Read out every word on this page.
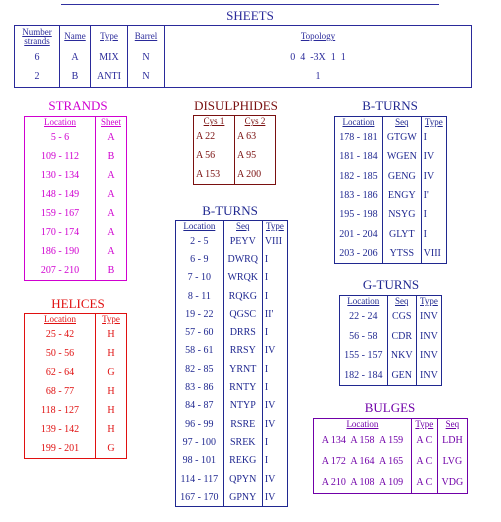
SHEETS
Number strands	Name	Type	Barrel	Topology
6	A	MIX	N	0  4  -3X  1  1
2	B	ANTI	N	1
STRANDS
Location	Sheet
5 - 6	A
109 - 112	B
130 - 134	A
148 - 149	A
159 - 167	A
170 - 174	A
186 - 190	A
207 - 210	B
HELICES
Location	Type
25 - 42	H
50 - 56	H
62 - 64	G
68 - 77	H
118 - 127	H
139 - 142	H
199 - 201	G
DISULPHIDES
Cys 1	Cys 2
A 22	A 63
A 56	A 95
A 153	A 200
B-TURNS
Location	Seq	Type
2 - 5	PEYV	VIII
6 - 9	DWRQ	I
7 - 10	WRQK	I
8 - 11	RQKG	I
19 - 22	QGSC	II'
57 - 60	DRRS	I
58 - 61	RRSY	IV
82 - 85	YRNT	I
83 - 86	RNTY	I
84 - 87	NTYP	IV
96 - 99	RSRE	IV
97 - 100	SREK	I
98 - 101	REKG	I
114 - 117	QPYN	IV
167 - 170	GPNY	IV
B-TURNS
Location	Seq	Type
178 - 181	GTGW	I
181 - 184	WGEN	IV
182 - 185	GENG	IV
183 - 186	ENGY	I'
195 - 198	NSYG	I
201 - 204	GLYT	I
203 - 206	YTSS	VIII
G-TURNS
Location	Seq	Type
22 - 24	CGS	INV
56 - 58	CDR	INV
155 - 157	NKV	INV
182 - 184	GEN	INV
BULGES
Location	Type	Seq
A 134  A 158  A 159	A C	LDH
A 172  A 164  A 165	A C	LVG
A 210  A 108  A 109	A C	VDG
